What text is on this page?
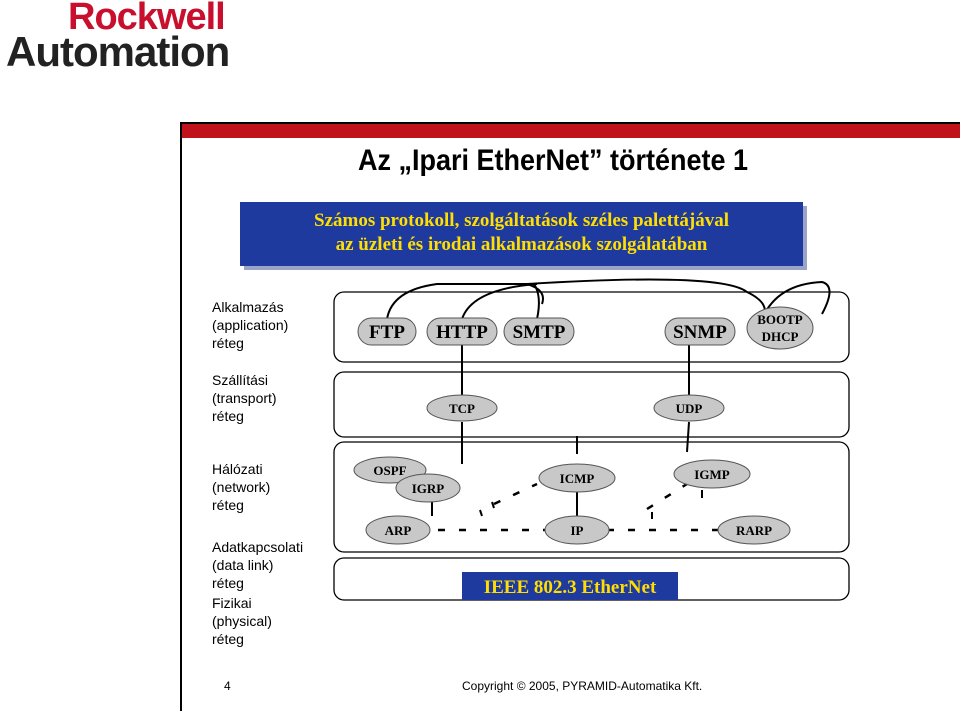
Rockwell
Automation
Az „Ipari EtherNet” története 1
Számos protokoll, szolgáltatások széles palettájával
az üzleti és irodai alkalmazások szolgálatában
Alkalmazás
(application)
réteg
Szállítási
(transport)
réteg
Hálózati
(network)
réteg
Adatkapcsolati
(data link)
réteg
Fizikai
(physical)
réteg
FTP HTTP SMTP	SNMP
BOOTP
DHCP
TCP	UDP
OSPF
IGRP
ICMP	IGMP
ARP	IP	RARP
IEEE 802.3 EtherNet
4	Copyright © 2005, PYRAMID-Automatika Kft.
